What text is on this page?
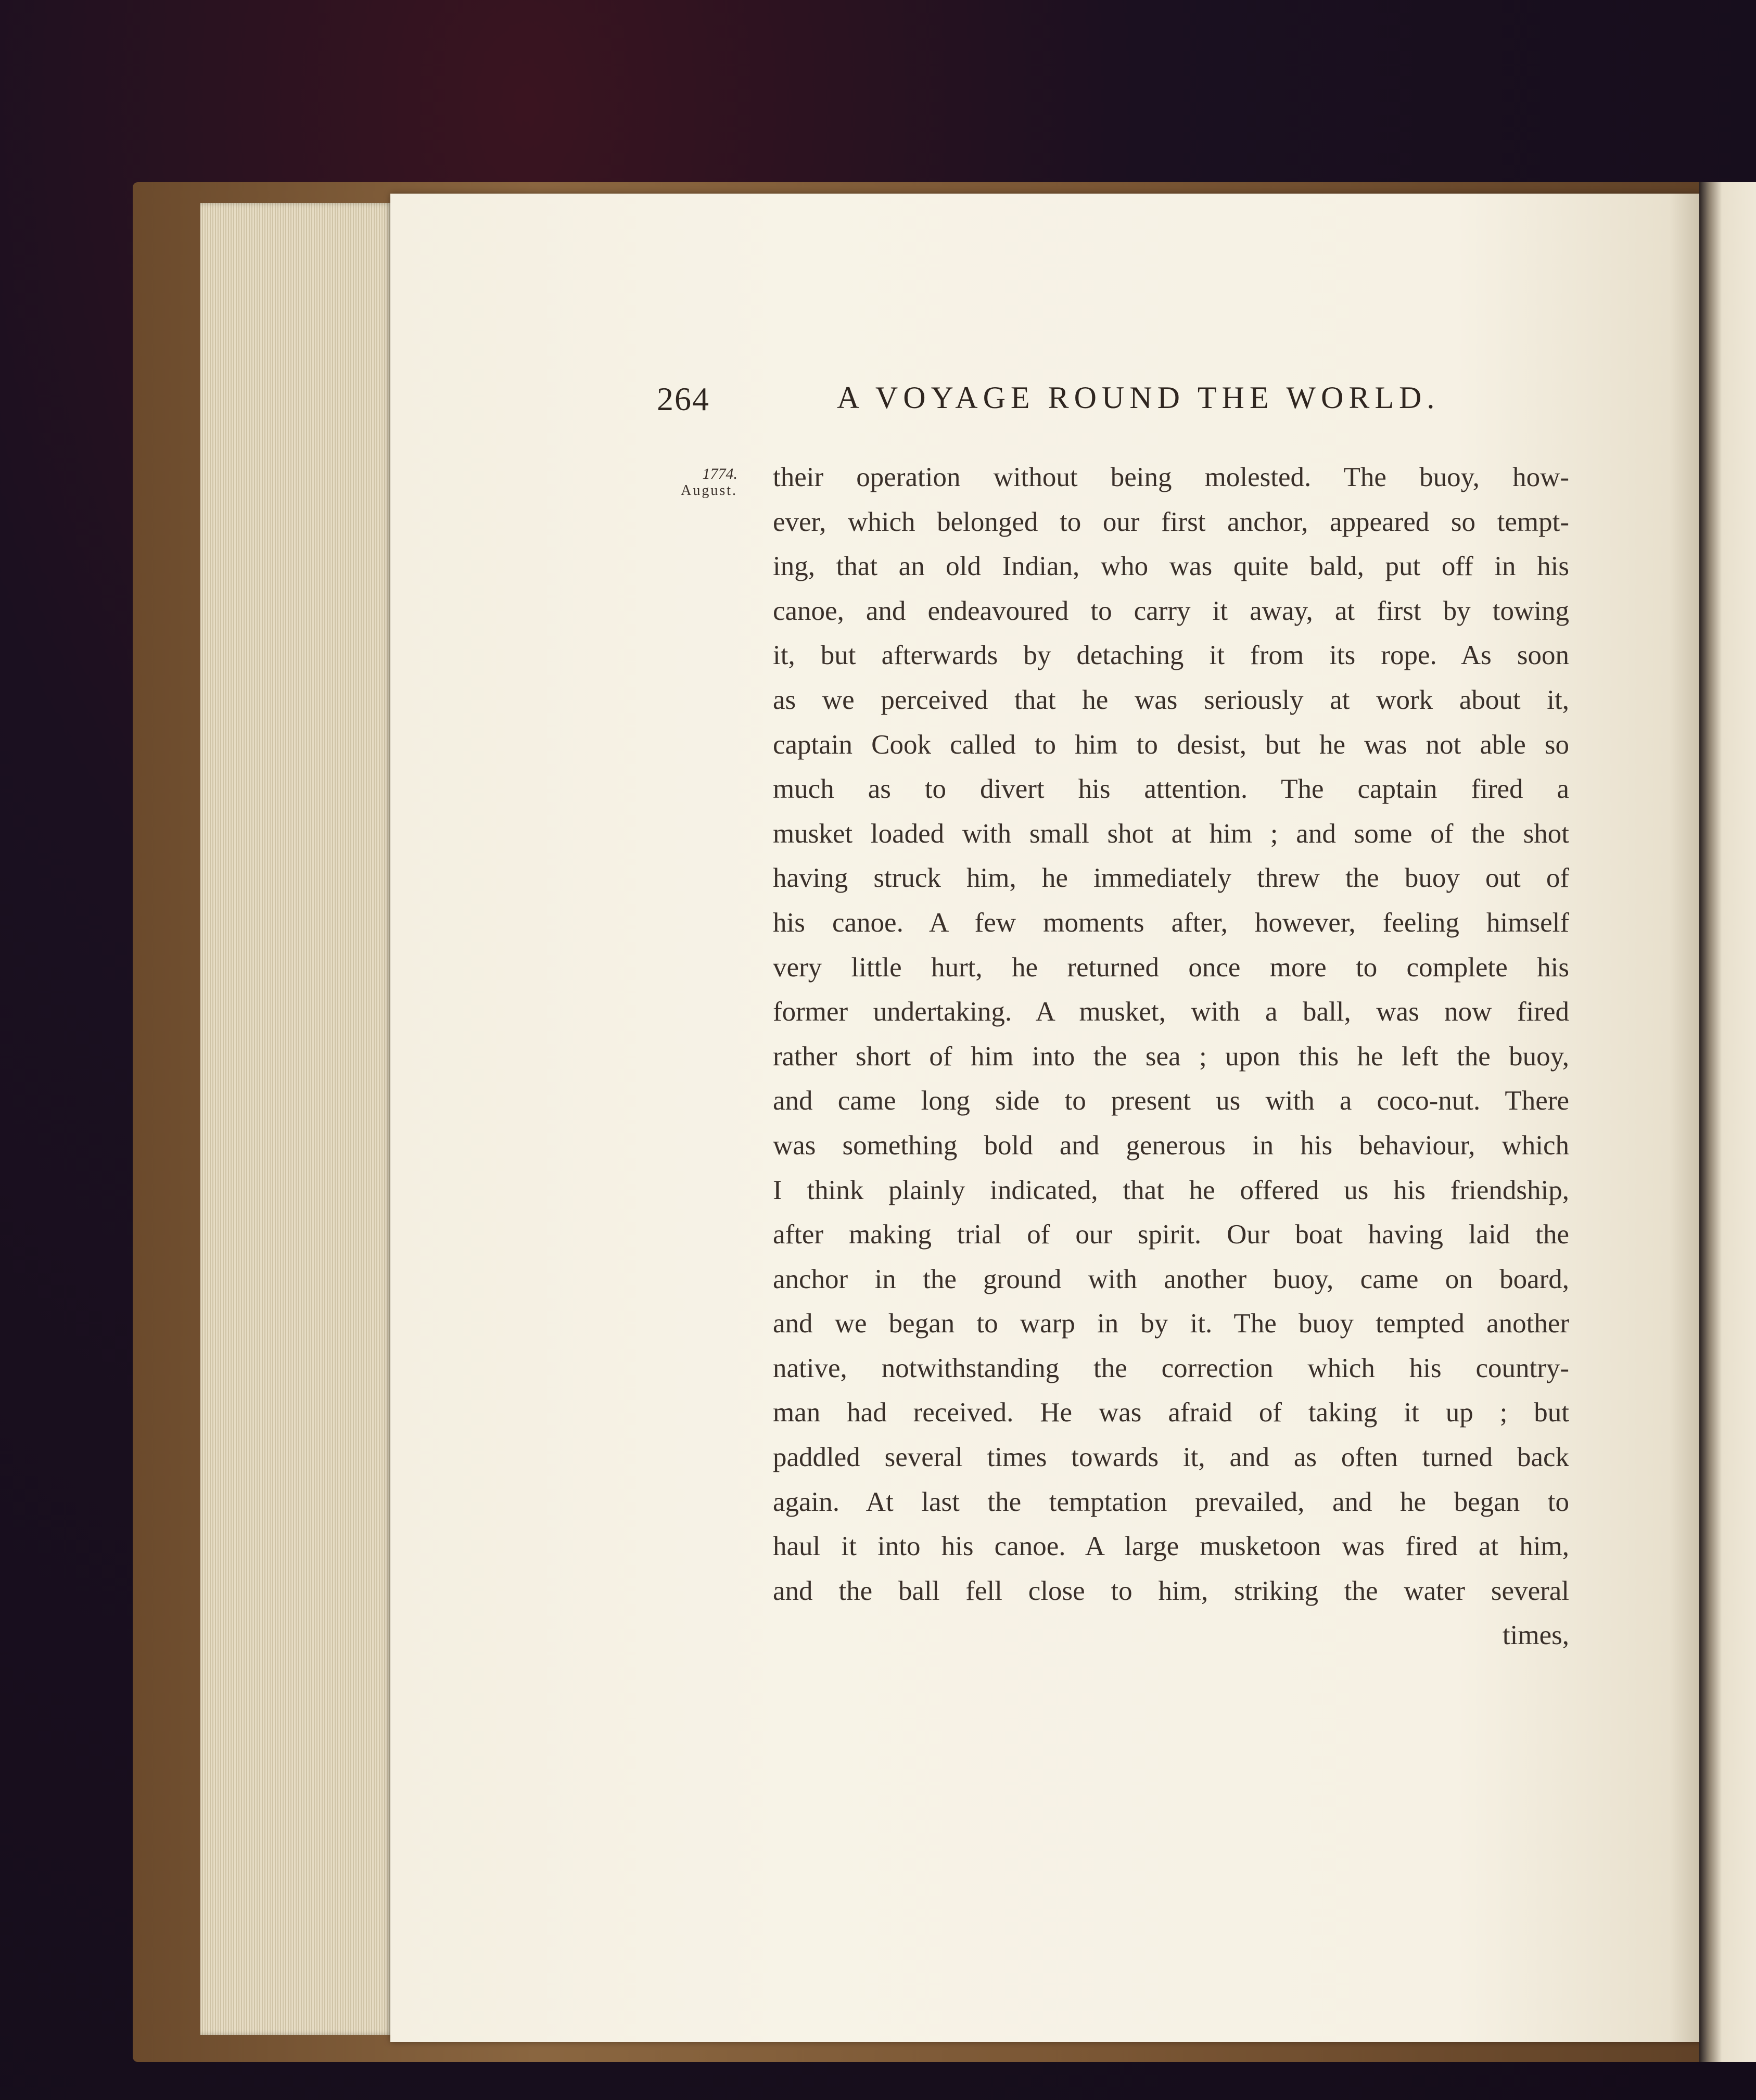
264	A VOYAGE ROUND THE WORLD.
1774.
August. their operation without being molested. The buoy, how-
ever, which belonged to our first anchor, appeared so tempt-
ing, that an old Indian, who was quite bald, put off in his
canoe, and endeavoured to carry it away, at first by towing
it, but afterwards by detaching it from its rope. As soon
as we perceived that he was seriously at work about it,
captain Cook called to him to desist, but he was not able so
much as to divert his attention. The captain fired a
musket loaded with small shot at him ; and some of the shot
having struck him, he immediately threw the buoy out of
his canoe. A few moments after, however, feeling himself
very little hurt, he returned once more to complete his
former undertaking. A musket, with a ball, was now fired
rather short of him into the sea ; upon this he left the buoy,
and came long side to present us with a coco-nut. There
was something bold and generous in his behaviour, which
I think plainly indicated, that he offered us his friendship,
after making trial of our spirit. Our boat having laid the
anchor in the ground with another buoy, came on board,
and we began to warp in by it. The buoy tempted another
native, notwithstanding the correction which his country-
man had received. He was afraid of taking it up ; but
paddled several times towards it, and as often turned back
again. At last the temptation prevailed, and he began to
haul it into his canoe. A large musketoon was fired at him,
and the ball fell close to him, striking the water several
times,
